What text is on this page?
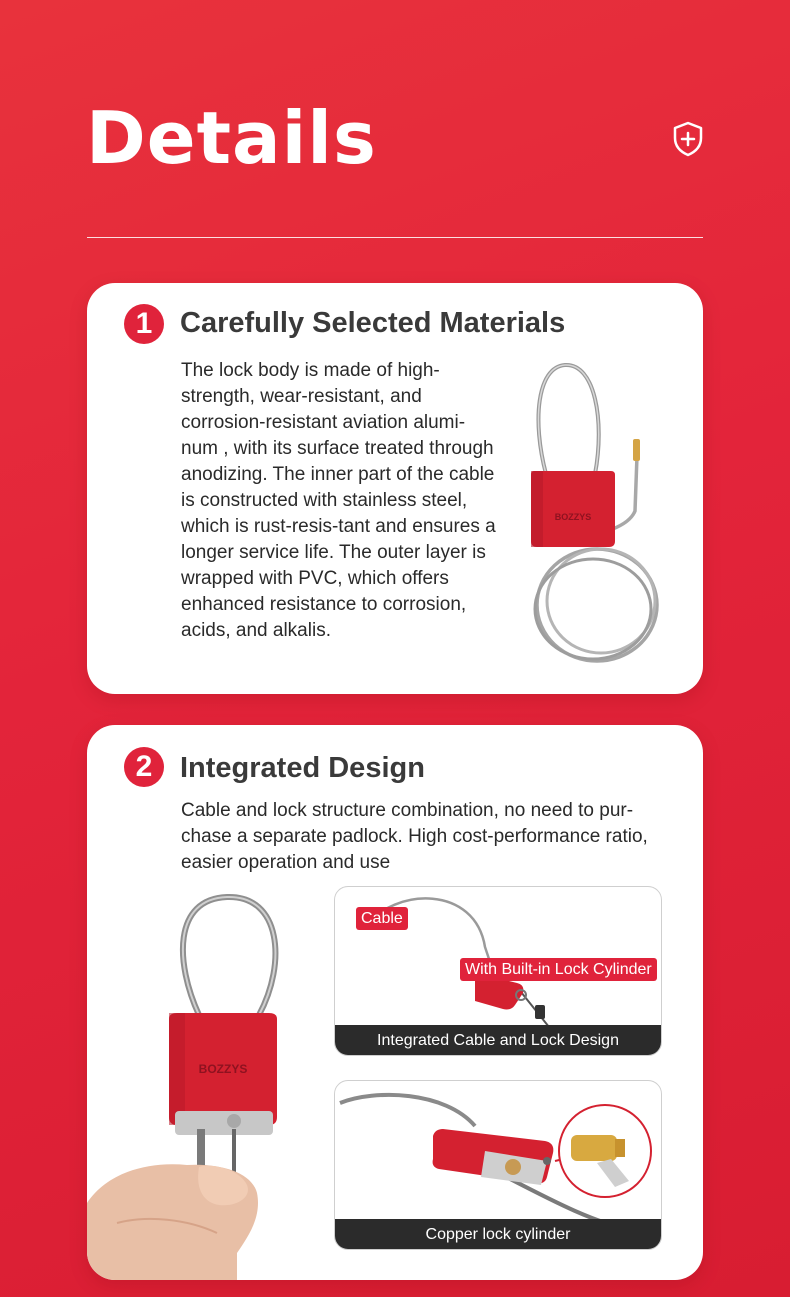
Details
1 Carefully Selected Materials
The lock body is made of high-strength, wear-resistant, and corrosion-resistant aviation alumi-num , with its surface treated through anodizing. The inner part of the cable is constructed with stainless steel, which is rust-resis-tant and ensures a longer service life. The outer layer is wrapped with PVC, which offers enhanced resistance to corrosion, acids, and alkalis.
BOZZYS
2 Integrated Design
Cable and lock structure combination, no need to pur-chase a separate padlock. High cost-performance ratio, easier operation and use
BOZZYS
Cable
With Built-in Lock Cylinder
Integrated Cable and Lock Design
Copper lock cylinder
